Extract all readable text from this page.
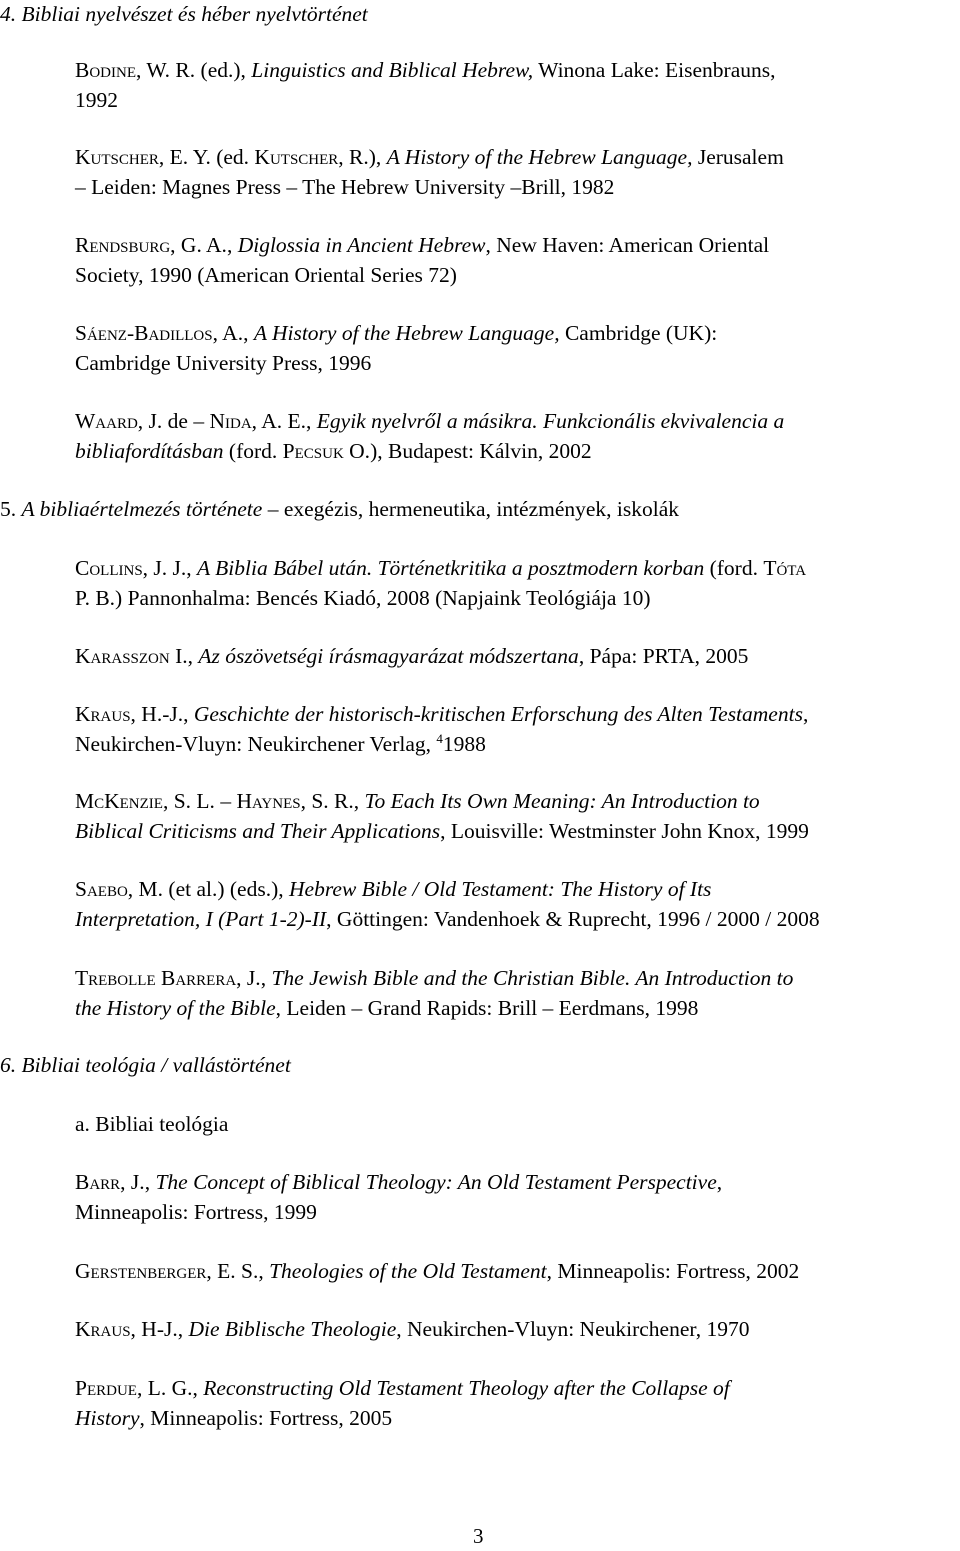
4. Bibliai nyelvészet és héber nyelvtörténet
Bodine, W. R. (ed.), Linguistics and Biblical Hebrew, Winona Lake: Eisenbrauns,
1992
Kutscher, E. Y. (ed. Kutscher, R.), A History of the Hebrew Language, Jerusalem
– Leiden: Magnes Press – The Hebrew University –Brill, 1982
Rendsburg, G. A., Diglossia in Ancient Hebrew, New Haven: American Oriental
Society, 1990 (American Oriental Series 72)
Sáenz-Badillos, A., A History of the Hebrew Language, Cambridge (UK):
Cambridge University Press, 1996
Waard, J. de – Nida, A. E., Egyik nyelvről a másikra. Funkcionális ekvivalencia a
bibliafordításban (ford. Pecsuk O.), Budapest: Kálvin, 2002
5. A bibliaértelmezés története – exegézis, hermeneutika, intézmények, iskolák
Collins, J. J., A Biblia Bábel után. Történetkritika a posztmodern korban (ford. Tóta
P. B.) Pannonhalma: Bencés Kiadó, 2008 (Napjaink Teológiája 10)
Karasszon I., Az ószövetségi írásmagyarázat módszertana, Pápa: PRTA, 2005
Kraus, H.-J., Geschichte der historisch-kritischen Erforschung des Alten Testaments,
Neukirchen-Vluyn: Neukirchener Verlag, $^4$1988
McKenzie, S. L. – Haynes, S. R., To Each Its Own Meaning: An Introduction to
Biblical Criticisms and Their Applications, Louisville: Westminster John Knox, 1999
Saebo, M. (et al.) (eds.), Hebrew Bible / Old Testament: The History of Its
Interpretation, I (Part 1-2)-II, Göttingen: Vandenhoek & Ruprecht, 1996 / 2000 / 2008
Trebolle Barrera, J., The Jewish Bible and the Christian Bible. An Introduction to
the History of the Bible, Leiden – Grand Rapids: Brill – Eerdmans, 1998
6. Bibliai teológia / vallástörténet
a. Bibliai teológia
Barr, J., The Concept of Biblical Theology: An Old Testament Perspective,
Minneapolis: Fortress, 1999
Gerstenberger, E. S., Theologies of the Old Testament, Minneapolis: Fortress, 2002
Kraus, H-J., Die Biblische Theologie, Neukirchen-Vluyn: Neukirchener, 1970
Perdue, L. G., Reconstructing Old Testament Theology after the Collapse of
History, Minneapolis: Fortress, 2005
3
